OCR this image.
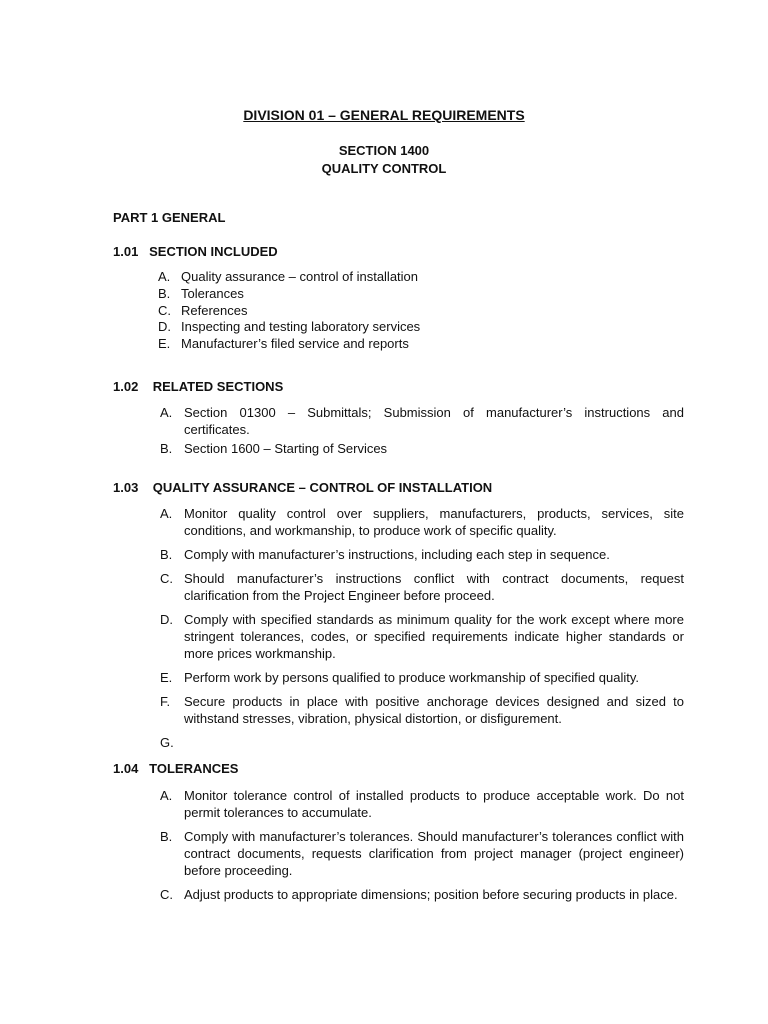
DIVISION 01 – GENERAL REQUIREMENTS
SECTION 1400
QUALITY CONTROL
PART 1 GENERAL
1.01   SECTION INCLUDED
A. Quality assurance – control of installation
B. Tolerances
C. References
D. Inspecting and testing laboratory services
E. Manufacturer’s filed service and reports
1.02    RELATED SECTIONS
A. Section 01300 – Submittals; Submission of manufacturer’s instructions and certificates.
B. Section 1600 – Starting of Services
1.03    QUALITY ASSURANCE – CONTROL OF INSTALLATION
A. Monitor quality control over suppliers, manufacturers, products, services, site conditions, and workmanship, to produce work of specific quality.
B. Comply with manufacturer’s instructions, including each step in sequence.
C. Should manufacturer’s instructions conflict with contract documents, request clarification from the Project Engineer before proceed.
D. Comply with specified standards as minimum quality for the work except where more stringent tolerances, codes, or specified requirements indicate higher standards or more prices workmanship.
E. Perform work by persons qualified to produce workmanship of specified quality.
F.	Secure products in place with positive anchorage devices designed and sized to withstand stresses, vibration, physical distortion, or disfigurement.
G.
1.04   TOLERANCES
A. Monitor tolerance control of installed products to produce acceptable work. Do not permit tolerances to accumulate.
B. Comply with manufacturer’s tolerances. Should manufacturer’s tolerances conflict with contract documents, requests clarification from project manager (project engineer) before proceeding.
C. Adjust products to appropriate dimensions; position before securing products in place.
